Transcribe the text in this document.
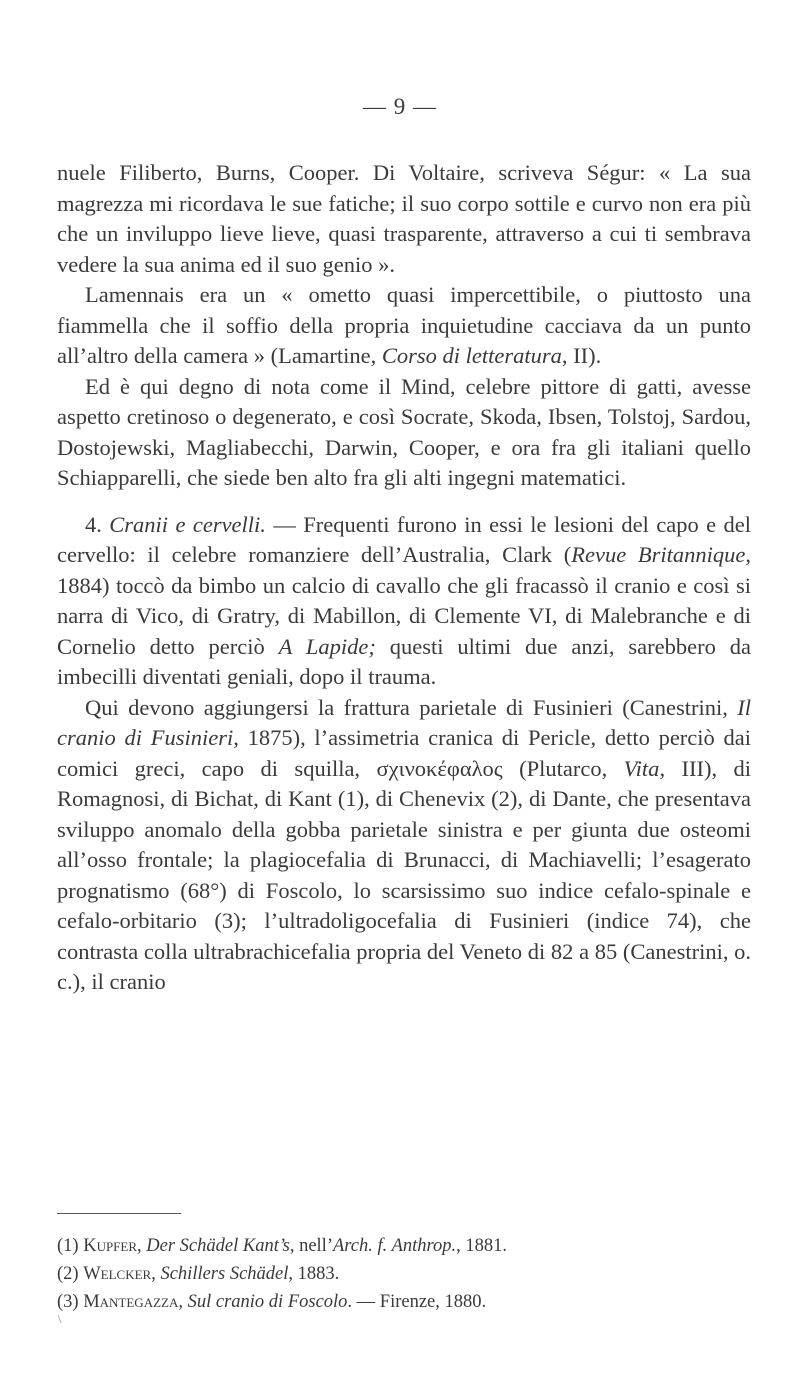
— 9 —

nuele Filiberto, Burns, Cooper. Di Voltaire, scriveva Ségur: « La sua magrezza mi ricordava le sue fatiche; il suo corpo sottile e curvo non era più che un inviluppo lieve lieve, quasi trasparente, attraverso a cui ti sembrava vedere la sua anima ed il suo genio ».

Lamennais era un « ometto quasi impercettibile, o piuttosto una fiammella che il soffio della propria inquietudine cacciava da un punto all’altro della camera » (Lamartine, Corso di letteratura, II).

Ed è qui degno di nota come il Mind, celebre pittore di gatti, avesse aspetto cretinoso o degenerato, e così Socrate, Skoda, Ibsen, Tolstoj, Sardou, Dostojewski, Magliabecchi, Darwin, Cooper, e ora fra gli italiani quello Schiapparelli, che siede ben alto fra gli alti ingegni matematici.

4. Cranii e cervelli. — Frequenti furono in essi le lesioni del capo e del cervello: il celebre romanziere dell’Australia, Clark (Revue Britannique, 1884) toccò da bimbo un calcio di cavallo che gli fracassò il cranio e così si narra di Vico, di Gratry, di Mabillon, di Clemente VI, di Malebranche e di Cornelio detto perciò A Lapide; questi ultimi due anzi, sarebbero da imbecilli diventati geniali, dopo il trauma.

Qui devono aggiungersi la frattura parietale di Fusinieri (Canestrini, Il cranio di Fusinieri, 1875), l’assimetria cranica di Pericle, detto perciò dai comici greci, capo di squilla, σχινοκέφαλος (Plutarco, Vita, III), di Romagnosi, di Bichat, di Kant (1), di Chenevix (2), di Dante, che presentava sviluppo anomalo della gobba parietale sinistra e per giunta due osteomi all’osso frontale; la plagiocefalia di Brunacci, di Machiavelli; l’esagerato prognatismo (68°) di Foscolo, lo scarsissimo suo indice cefalo-spinale e cefalo-orbitario (3); l’ultradoligocefalia di Fusinieri (indice 74), che contrasta colla ultrabrachicefalia propria del Veneto di 82 a 85 (Canestrini, o. c.), il cranio

(1) Kupfer, Der Schädel Kant’s, nell’Arch. f. Anthrop., 1881.
(2) Welcker, Schillers Schädel, 1883.
(3) Mantegazza, Sul cranio di Foscolo. — Firenze, 1880.
\
